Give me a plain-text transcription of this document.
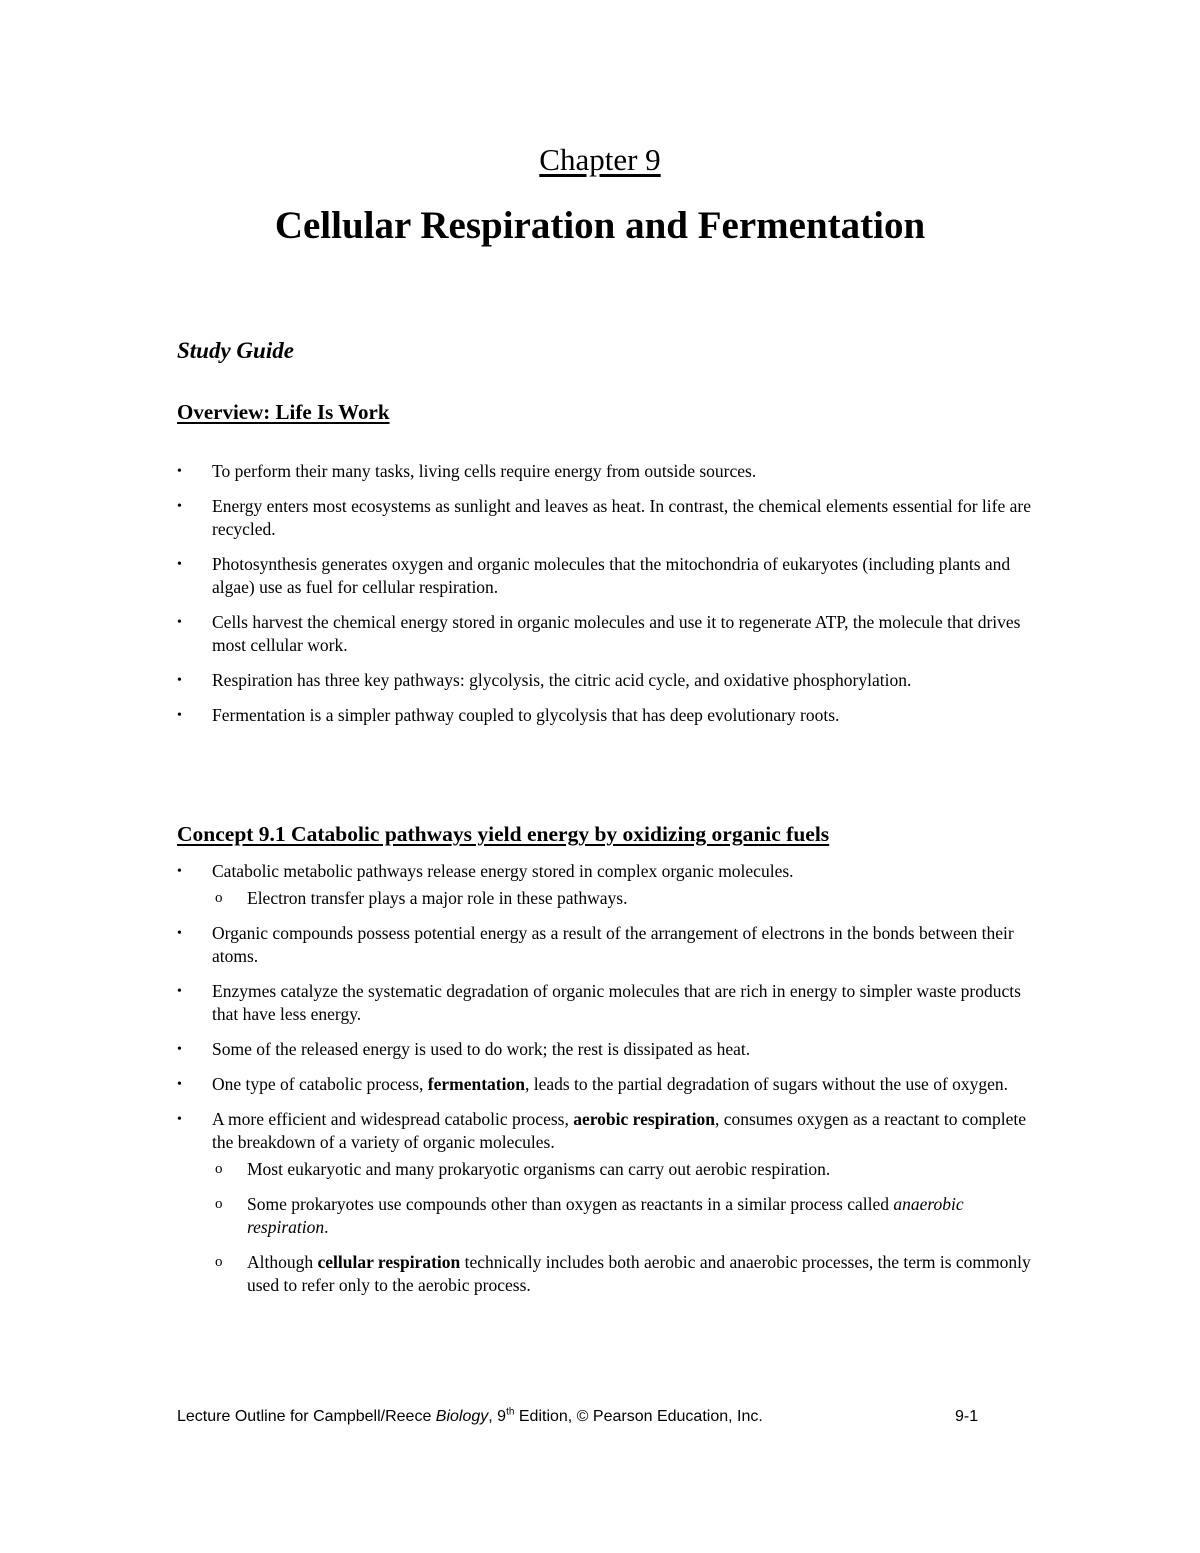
Chapter 9
Cellular Respiration and Fermentation
Study Guide
Overview: Life Is Work
• To perform their many tasks, living cells require energy from outside sources.
• Energy enters most ecosystems as sunlight and leaves as heat. In contrast, the chemical elements essential for life are recycled.
• Photosynthesis generates oxygen and organic molecules that the mitochondria of eukaryotes (including plants and algae) use as fuel for cellular respiration.
• Cells harvest the chemical energy stored in organic molecules and use it to regenerate ATP, the molecule that drives most cellular work.
• Respiration has three key pathways: glycolysis, the citric acid cycle, and oxidative phosphorylation.
• Fermentation is a simpler pathway coupled to glycolysis that has deep evolutionary roots.
Concept 9.1 Catabolic pathways yield energy by oxidizing organic fuels
• Catabolic metabolic pathways release energy stored in complex organic molecules.
o Electron transfer plays a major role in these pathways.
• Organic compounds possess potential energy as a result of the arrangement of electrons in the bonds between their atoms.
• Enzymes catalyze the systematic degradation of organic molecules that are rich in energy to simpler waste products that have less energy.
• Some of the released energy is used to do work; the rest is dissipated as heat.
• One type of catabolic process, fermentation, leads to the partial degradation of sugars without the use of oxygen.
• A more efficient and widespread catabolic process, aerobic respiration, consumes oxygen as a reactant to complete the breakdown of a variety of organic molecules.
o Most eukaryotic and many prokaryotic organisms can carry out aerobic respiration.
o Some prokaryotes use compounds other than oxygen as reactants in a similar process called anaerobic respiration.
o Although cellular respiration technically includes both aerobic and anaerobic processes, the term is commonly used to refer only to the aerobic process.
Lecture Outline for Campbell/Reece Biology, 9th Edition, © Pearson Education, Inc.	9-1
